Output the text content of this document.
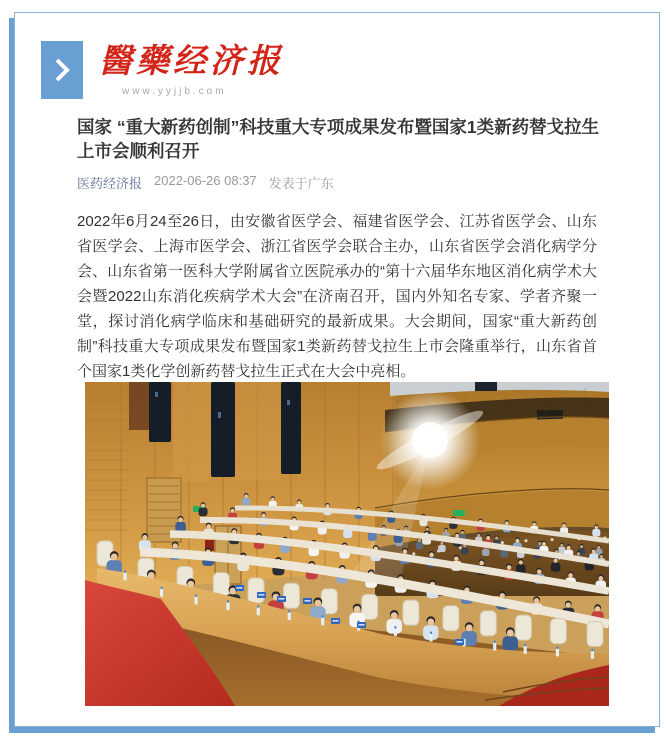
醫藥经济报
www.yyjjb.com
国家 “重大新药创制”科技重大专项成果发布暨国家1类新药替戈拉生上市会顺利召开
医药经济报 2022-06-26 08:37 发表于广东
2022年6月24至26日，由安徽省医学会、福建省医学会、江苏省医学会、山东省医学会、上海市医学会、浙江省医学会联合主办，山东省医学会消化病学分会、山东省第一医科大学附属省立医院承办的“第十六届华东地区消化病学术大会暨2022山东消化疾病学术大会”在济南召开，国内外知名专家、学者齐聚一堂，探讨消化病学临床和基础研究的最新成果。大会期间，国家“重大新药创制”科技重大专项成果发布暨国家1类新药替戈拉生上市会隆重举行，山东省首个国家1类化学创新药替戈拉生正式在大会中亮相。
